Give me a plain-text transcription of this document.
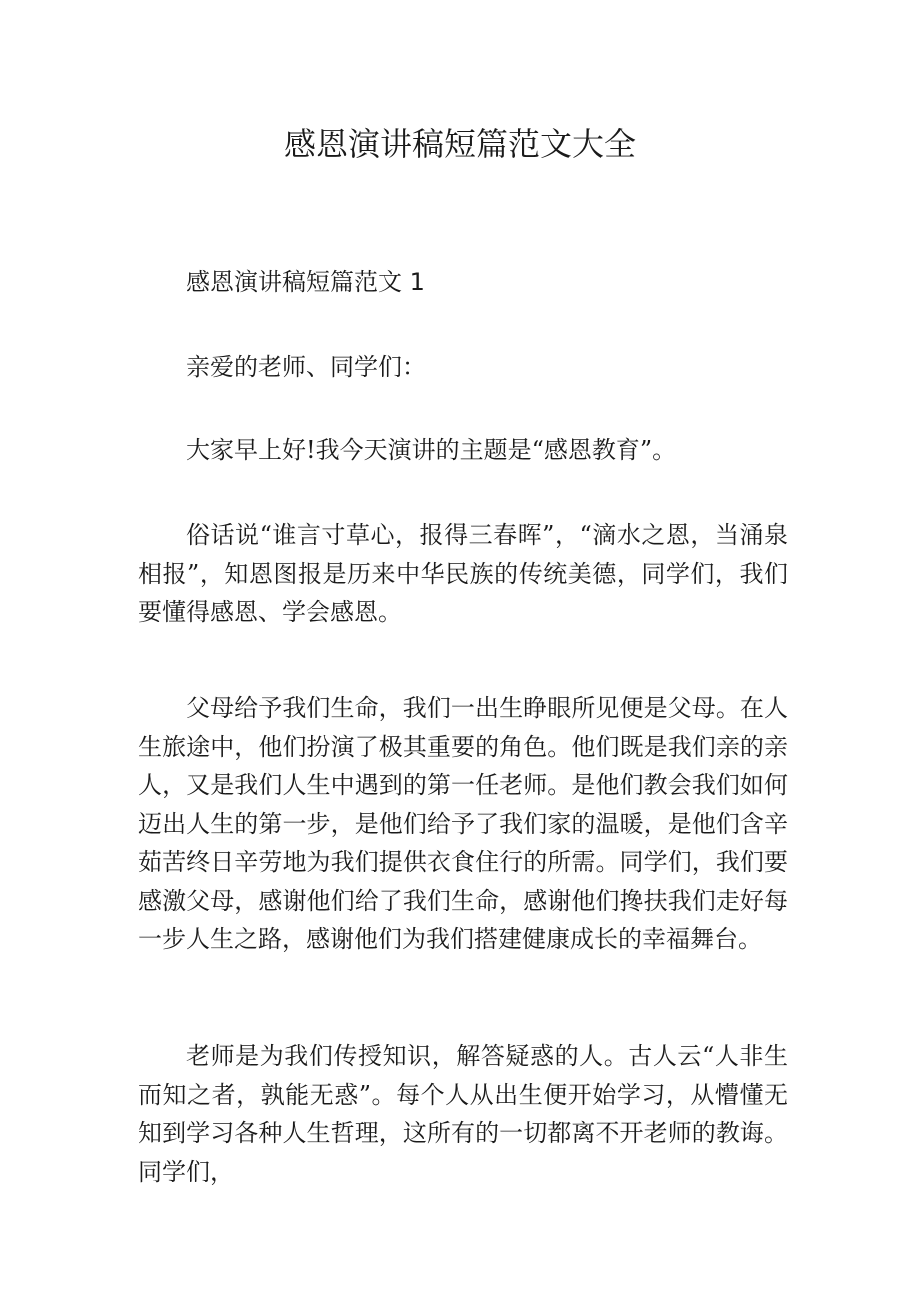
感恩演讲稿短篇范文大全

感恩演讲稿短篇范文 1

亲爱的老师、同学们：

大家早上好!我今天演讲的主题是“感恩教育”。

俗话说“谁言寸草心，报得三春晖”，“滴水之恩，当涌泉相报”，知恩图报是历来中华民族的传统美德，同学们，我们要懂得感恩、学会感恩。

父母给予我们生命，我们一出生睁眼所见便是父母。在人生旅途中，他们扮演了极其重要的角色。他们既是我们亲的亲人，又是我们人生中遇到的第一任老师。是他们教会我们如何迈出人生的第一步，是他们给予了我们家的温暖，是他们含辛茹苦终日辛劳地为我们提供衣食住行的所需。同学们，我们要感激父母，感谢他们给了我们生命，感谢他们搀扶我们走好每一步人生之路，感谢他们为我们搭建健康成长的幸福舞台。

老师是为我们传授知识，解答疑惑的人。古人云“人非生而知之者，孰能无惑”。每个人从出生便开始学习，从懵懂无知到学习各种人生哲理，这所有的一切都离不开老师的教诲。同学们，
